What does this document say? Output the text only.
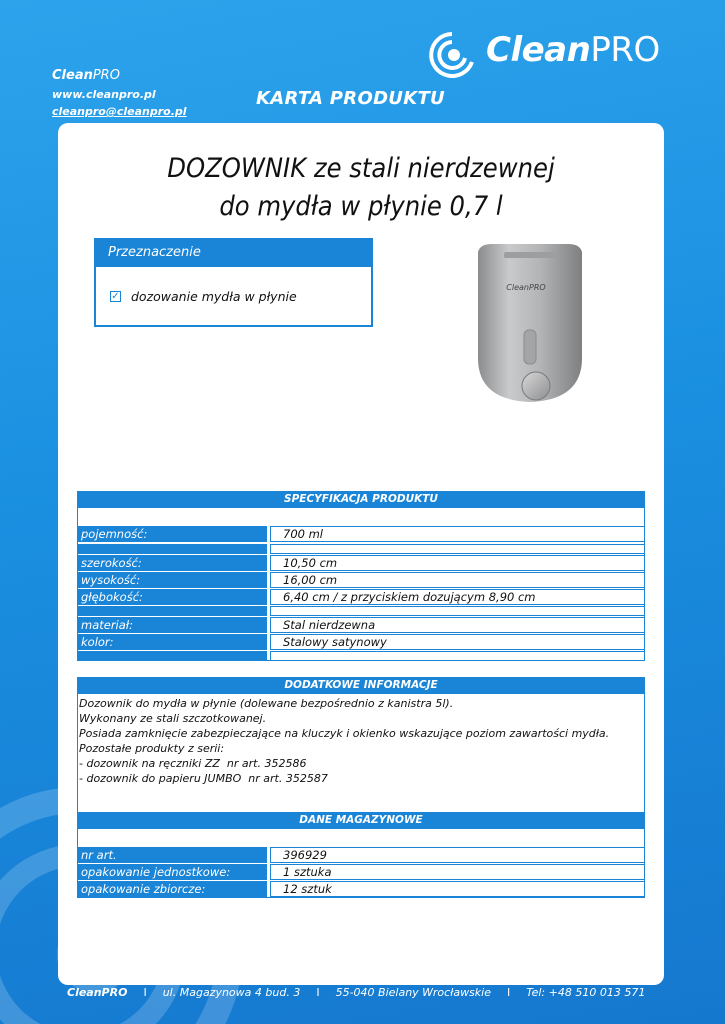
CleanPRO
CleanPRO
www.cleanpro.pl
cleanpro@cleanpro.pl
KARTA PRODUKTU
DOZOWNIK ze stali nierdzewnej
do mydła w płynie 0,7 l
Przeznaczenie
✓ dozowanie mydła w płynie
CleanPRO
SPECYFIKACJA PRODUKTU
pojemność:	700 ml
szerokość:	10,50 cm
wysokość:	16,00 cm
głębokość:	6,40 cm / z przyciskiem dozującym 8,90 cm
materiał:	Stal nierdzewna
kolor:	Stalowy satynowy
DODATKOWE INFORMACJE
Dozownik do mydła w płynie (dolewane bezpośrednio z kanistra 5l).
Wykonany ze stali szczotkowanej.
Posiada zamknięcie zabezpieczające na kluczyk i okienko wskazujące poziom zawartości mydła.
Pozostałe produkty z serii:
- dozownik na ręczniki ZZ  nr art. 352586
- dozownik do papieru JUMBO  nr art. 352587
DANE MAGAZYNOWE
nr art.	396929
opakowanie jednostkowe:	1 sztuka
opakowanie zbiorcze:	12 sztuk
CleanPRO I ul. Magazynowa 4 bud. 3 I 55-040 Bielany Wrocławskie I Tel: +48 510 013 571
